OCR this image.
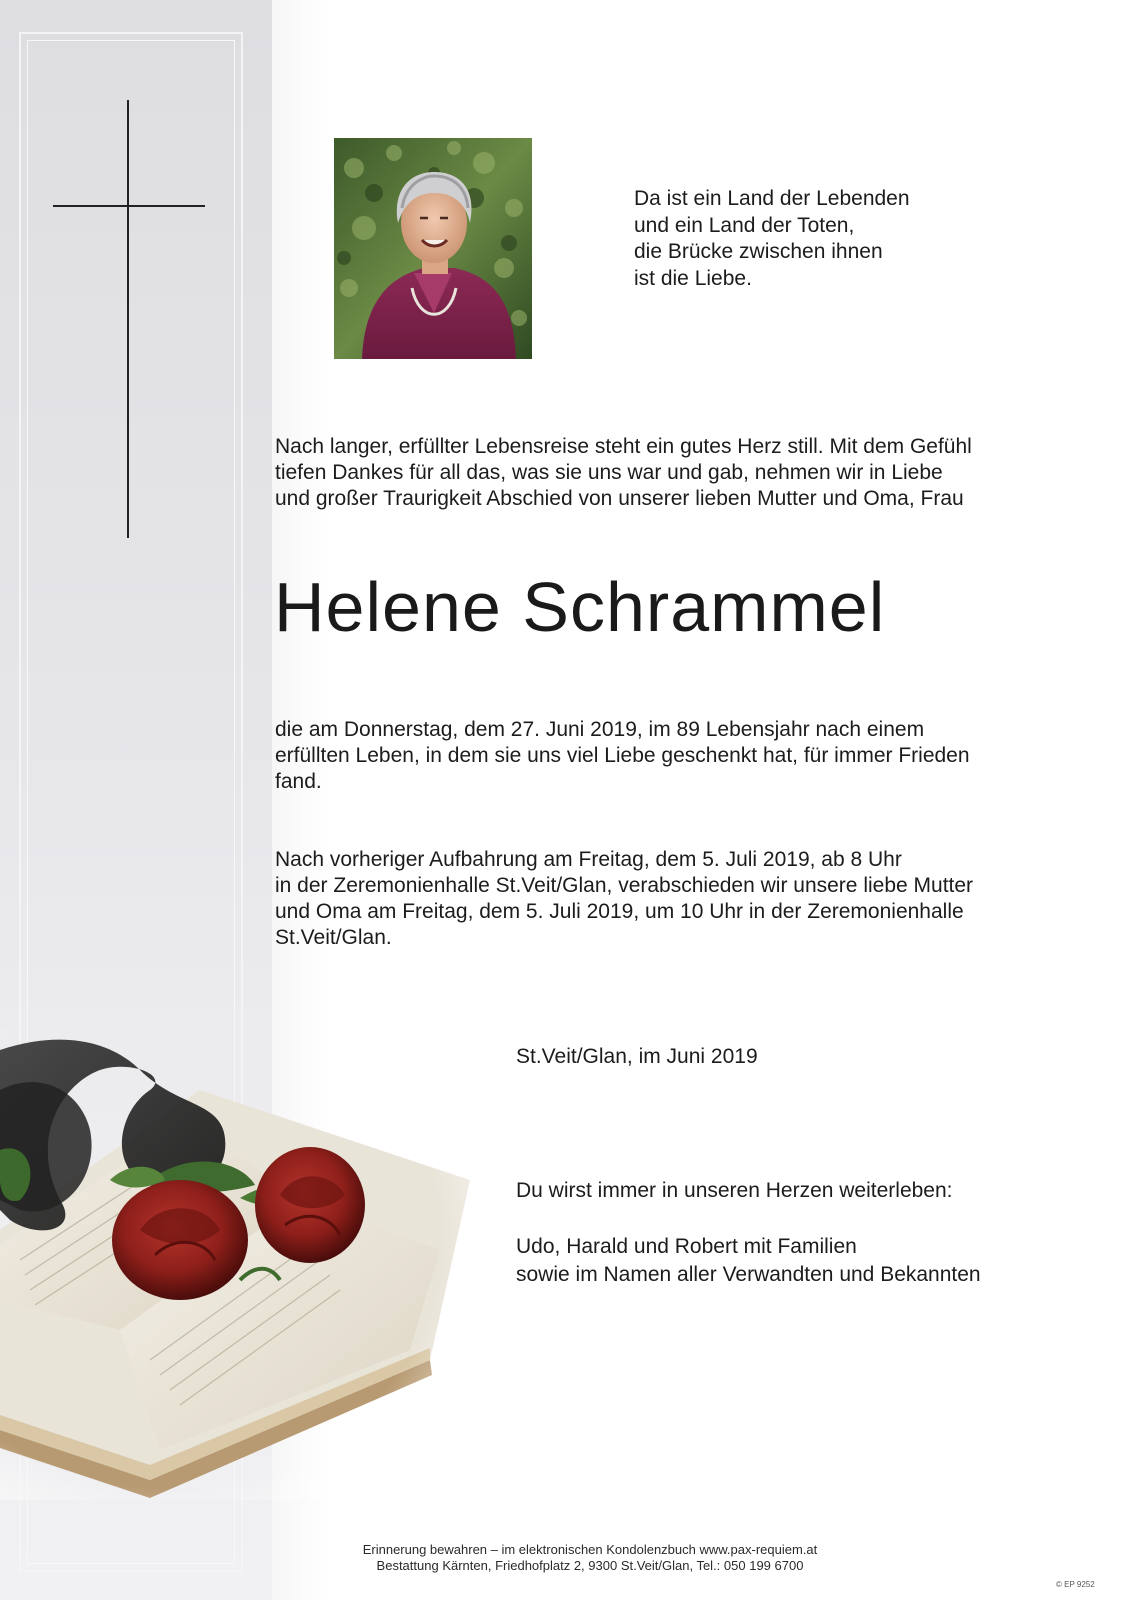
Da ist ein Land der Lebenden
und ein Land der Toten,
die Brücke zwischen ihnen
ist die Liebe.
Nach langer, erfüllter Lebensreise steht ein gutes Herz still. Mit dem Gefühl
tiefen Dankes für all das, was sie uns war und gab, nehmen wir in Liebe
und großer Traurigkeit Abschied von unserer lieben Mutter und Oma, Frau
Helene Schrammel
die am Donnerstag, dem 27. Juni 2019, im 89 Lebensjahr nach einem
erfüllten Leben, in dem sie uns viel Liebe geschenkt hat, für immer Frieden
fand.
Nach vorheriger Aufbahrung am Freitag, dem 5. Juli 2019, ab 8 Uhr
in der Zeremonienhalle St.Veit/Glan, verabschieden wir unsere liebe Mutter
und Oma am Freitag, dem 5. Juli 2019, um 10 Uhr in der Zeremonienhalle
St.Veit/Glan.
St.Veit/Glan, im Juni 2019
Du wirst immer in unseren Herzen weiterleben:
Udo, Harald und Robert mit Familien
sowie im Namen aller Verwandten und Bekannten
Erinnerung bewahren – im elektronischen Kondolenzbuch www.pax-requiem.at
Bestattung Kärnten, Friedhofplatz 2, 9300 St.Veit/Glan, Tel.: 050 199 6700
© EP 9252
